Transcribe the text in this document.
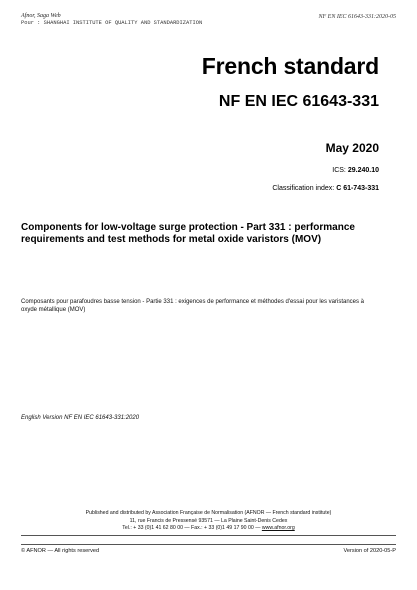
Afnor, Saga Web
Pour : SHANGHAI INSTITUTE OF QUALITY AND STANDARDIZATION
NF EN IEC 61643-331:2020-05
French standard
NF EN IEC 61643-331
May 2020
ICS: 29.240.10
Classification index: C 61-743-331
Components for low-voltage surge protection - Part 331 : performance requirements and test methods for metal oxide varistors (MOV)
Composants pour parafoudres basse tension - Partie 331 : exigences de performance et méthodes d'essai pour les varistances à oxyde métallique (MOV)
English Version NF EN IEC 61643-331:2020
Published and distributed by Association Française de Normalisation (AFNOR — French standard institute)
11, rue Francis de Pressensé 93571 — La Plaine Saint-Denis Cedex
Tel.: + 33 (0)1 41 62 80 00 — Fax.: + 33 (0)1 49 17 90 00 — www.afnor.org
© AFNOR — All rights reserved	Version of 2020-05-P
